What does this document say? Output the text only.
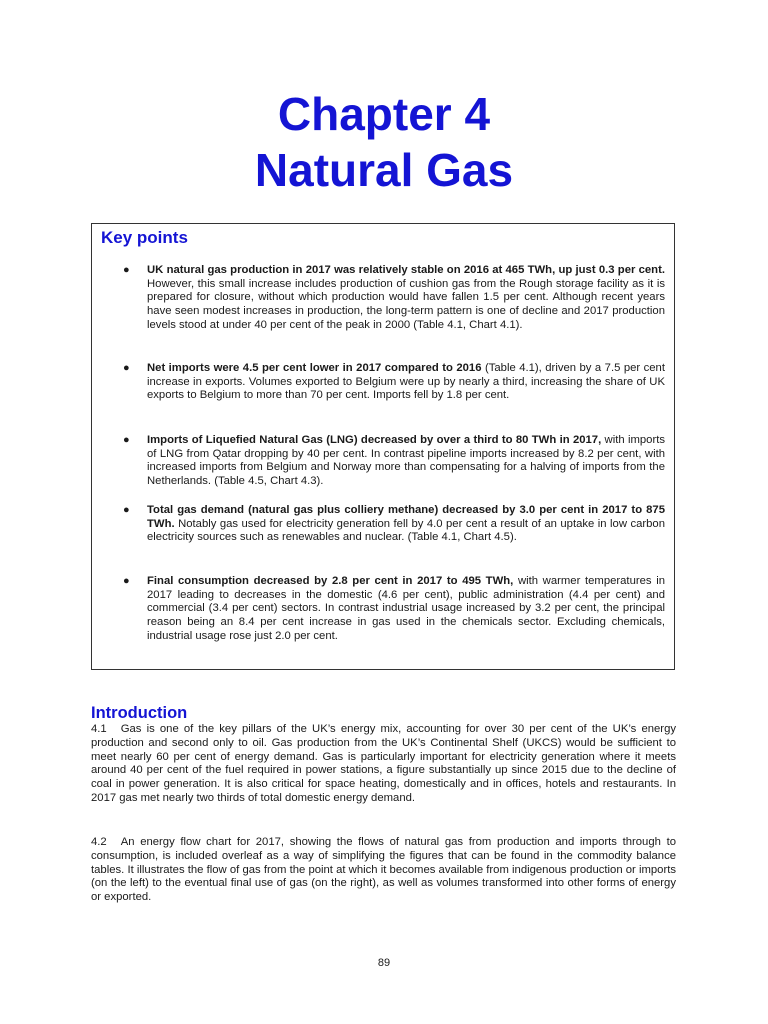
Chapter 4
Natural Gas
Key points
● UK natural gas production in 2017 was relatively stable on 2016 at 465 TWh, up just 0.3 per cent. However, this small increase includes production of cushion gas from the Rough storage facility as it is prepared for closure, without which production would have fallen 1.5 per cent. Although recent years have seen modest increases in production, the long-term pattern is one of decline and 2017 production levels stood at under 40 per cent of the peak in 2000 (Table 4.1, Chart 4.1).
● Net imports were 4.5 per cent lower in 2017 compared to 2016 (Table 4.1), driven by a 7.5 per cent increase in exports. Volumes exported to Belgium were up by nearly a third, increasing the share of UK exports to Belgium to more than 70 per cent. Imports fell by 1.8 per cent.
● Imports of Liquefied Natural Gas (LNG) decreased by over a third to 80 TWh in 2017, with imports of LNG from Qatar dropping by 40 per cent. In contrast pipeline imports increased by 8.2 per cent, with increased imports from Belgium and Norway more than compensating for a halving of imports from the Netherlands. (Table 4.5, Chart 4.3).
● Total gas demand (natural gas plus colliery methane) decreased by 3.0 per cent in 2017 to 875 TWh. Notably gas used for electricity generation fell by 4.0 per cent a result of an uptake in low carbon electricity sources such as renewables and nuclear. (Table 4.1, Chart 4.5).
● Final consumption decreased by 2.8 per cent in 2017 to 495 TWh, with warmer temperatures in 2017 leading to decreases in the domestic (4.6 per cent), public administration (4.4 per cent) and commercial (3.4 per cent) sectors. In contrast industrial usage increased by 3.2 per cent, the principal reason being an 8.4 per cent increase in gas used in the chemicals sector. Excluding chemicals, industrial usage rose just 2.0 per cent.
Introduction

4.1 Gas is one of the key pillars of the UK’s energy mix, accounting for over 30 per cent of the UK’s energy production and second only to oil. Gas production from the UK’s Continental Shelf (UKCS) would be sufficient to meet nearly 60 per cent of energy demand. Gas is particularly important for electricity generation where it meets around 40 per cent of the fuel required in power stations, a figure substantially up since 2015 due to the decline of coal in power generation. It is also critical for space heating, domestically and in offices, hotels and restaurants. In 2017 gas met nearly two thirds of total domestic energy demand.

4.2 An energy flow chart for 2017, showing the flows of natural gas from production and imports through to consumption, is included overleaf as a way of simplifying the figures that can be found in the commodity balance tables. It illustrates the flow of gas from the point at which it becomes available from indigenous production or imports (on the left) to the eventual final use of gas (on the right), as well as volumes transformed into other forms of energy or exported.

89
